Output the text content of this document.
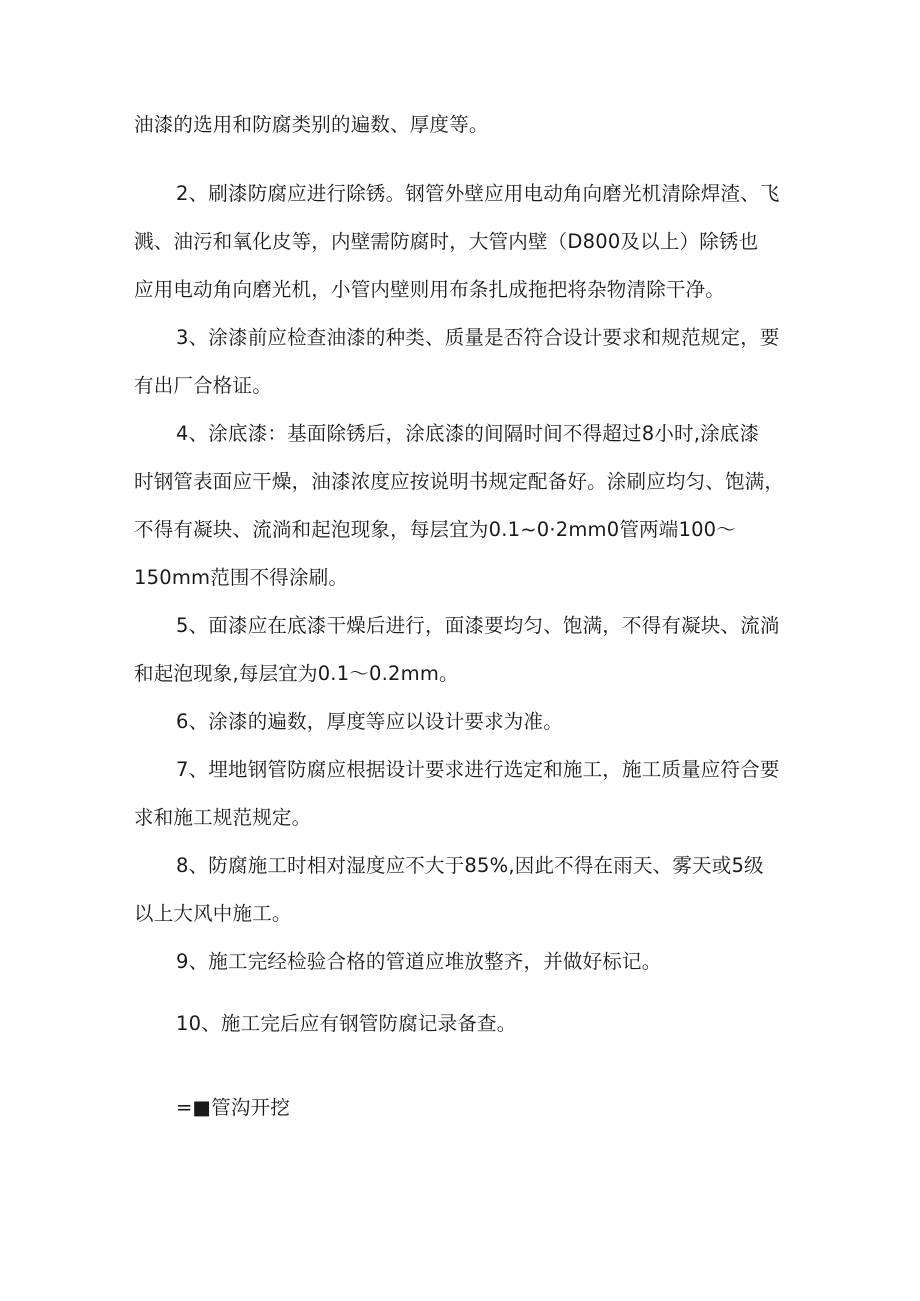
油漆的选用和防腐类别的遍数、厚度等。
2、刷漆防腐应进行除锈。钢管外壁应用电动角向磨光机清除焊渣、飞
溅、油污和氧化皮等，内壁需防腐时，大管内壁（D800及以上）除锈也
应用电动角向磨光机，小管内壁则用布条扎成拖把将杂物清除干净。
3、涂漆前应检查油漆的种类、质量是否符合设计要求和规范规定，要
有出厂合格证。
4、涂底漆：基面除锈后，涂底漆的间隔时间不得超过8小时,涂底漆
时钢管表面应干燥，油漆浓度应按说明书规定配备好。涂刷应均匀、饱满，
不得有凝块、流淌和起泡现象，每层宜为0.1~0·2mm0管两端100～
150mm范围不得涂刷。
5、面漆应在底漆干燥后进行，面漆要均匀、饱满，不得有凝块、流淌
和起泡现象,每层宜为0.1～0.2mm。
6、涂漆的遍数，厚度等应以设计要求为准。
7、埋地钢管防腐应根据设计要求进行选定和施工，施工质量应符合要
求和施工规范规定。
8、防腐施工时相对湿度应不大于85%,因此不得在雨天、雾天或5级
以上大风中施工。
9、施工完经检验合格的管道应堆放整齐，并做好标记。
10、施工完后应有钢管防腐记录备查。
=■管沟开挖
